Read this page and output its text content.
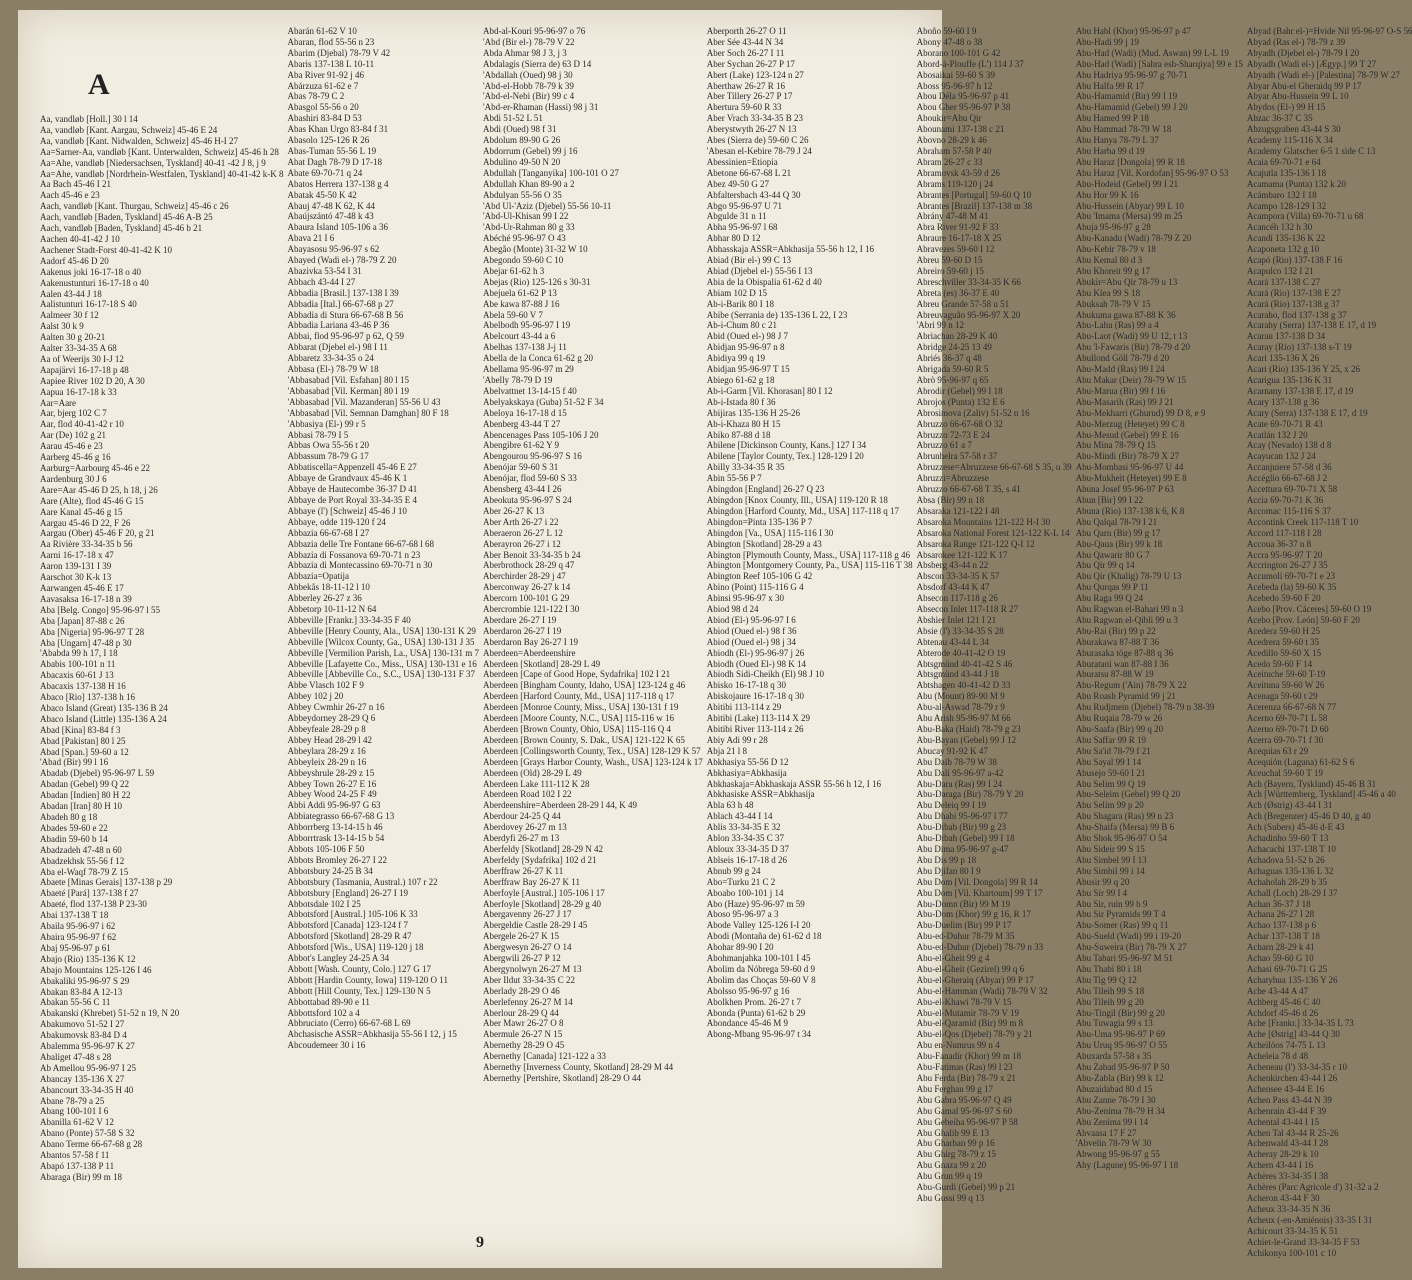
A
Aa, vandløb [Holl.] 30 l 14
Aa, vandløb [Kant. Aargau, Schweiz] 45-46 E 24
Aa, vandløb [Kant. Nidwalden, Schweiz] 45-46 H-I 27
Aa=Sarner-Aa, vandløb [Kant. Unterwalden, Schweiz] 45-46 h 28
Aa=Ahe, vandløb [Niedersachsen, Tyskland] 40-41 -42 J 8, j 9
Aa=Ahe, vandløb [Nordrhein-Westfalen, Tyskland] 40-41-42 k-K 8
Aa Bach 45-46 I 21
Aach 45-46 e 23
Aach, vandløb [Kant. Thurgau, Schweiz] 45-46 c 26
Aach, vandløb [Baden, Tyskland] 45-46 A-B 25
Aach, vandløb [Baden, Tyskland] 45-46 b 21
Aachen 40-41-42 J 10
Aachener Stadt-Forst 40-41-42 K 10
Aadorf 45-46 D 20
Aakenus joki 16-17-18 o 40
Aakenustunturi 16-17-18 o 40
Aalen 43-44 J 18
Aalistunturi 16-17-18 S 40
Aalmeer 30 f 12
Aalst 30 k 9
Aalten 30 g 20-21
Aalter 33-34-35 A 68
Aa of Weerijs 30 I-J 12
Aapajärvi 16-17-18 p 48
Aapiee River 102 D 20, A 30
Aapua 16-17-18 k 33
Aar=Aare
Aar, bjerg 102 C 7
Aar, flod 40-41-42 r 10
Aar (De) 102 g 21
Aarau 45-46 e 23
Aarberg 45-46 g 16
Aarburg=Aarbourg 45-46 e 22
Aardenburg 30 J 6
Aare=Aar 45-46 D 25, h 18, j 26
Aare (Alte), flod 45-46 G 15
Aare Kanal 45-46 g 15
Aargau 45-46 D 22, F 26
Aargau (Ober) 45-46 F 20, g 21
Aa Rivière 33-34-35 b 56
Aarni 16-17-18 x 47
Aaron 139-131 I 39
Aarschot 30 K-k 13
Aarwangen 45-46 E 17
Aavasaksa 16-17-18 n 39
Aba [Belg. Congo] 95-96-97 l 55
Aba [Japan] 87-88 c 26
Aba [Nigeria] 95-96-97 T 28
Aba [Ungarn] 47-48 p 30
'Ababda 99 h 17, I 18
Ababis 100-101 n 11
Abacaxis 60-61 J 13
Abacaxis 137-138 H 16
Abaco [Rio] 137-138 h 16
Abaco Island (Great) 135-136 B 24
Abaco Island (Little) 135-136 A 24
Abad [Kina] 83-84 f 3
Abad [Pakistan] 80 l 25
Abad [Span.] 59-60 a 12
'Abad (Bir) 99 l 16
Abadab (Djebel) 95-96-97 L 59
Abadan (Gebel) 99 Q 22
Abadan [Indien] 80 H 22
Abadan [Iran] 80 H 10
Abadeh 80 g 18
Abades 59-60 e 22
Abadin 59-60 b 14
Abadzadeh 47-48 n 60
Abadzekhsk 55-56 f 12
Aba el-Waqf 78-79 Z 15
Abaete [Minas Gerais] 137-138 p 29
Abaeté [Pará] 137-138 f 27
Abaeté, flod 137-138 P 23-30
Abai 137-138 T 18
Abaila 95-96-97 i 62
Abaira 95-96-97 f 62
Abaj 95-96-97 p 61
Abajo (Rio) 135-136 K 12
Abajo Mountains 125-126 I 46
Abakaliki 95-96-97 S 29
Abakan 83-84 A 12-13
Abakan 55-56 C 11
Abakanski (Khrebet) 51-52 n 19, N 20
Abakumovo 51-52 I 27
Abakumovsk 83-84 D 4
Abalemma 95-96-97 K 27
Abaliget 47-48 s 28
Ab Amellou 95-96-97 I 25
Abancay 135-136 X 27
Abancourt 33-34-35 H 40
Abane 78-79 a 25
Abang 100-101 I 6
Abanilla 61-62 V 12
Abano (Ponte) 57-58 S 32
Abano Terme 66-67-68 g 28
Abantos 57-58 f 11
Abapó 137-138 P 11
Abaraga (Bir) 99 m 18
Abarán 61-62 V 10
Abaran, flod 55-56 n 23
Abarim (Djebal) 78-79 V 42
Abaris 137-138 L 10-11
Aba River 91-92 j 46
Abárzuza 61-62 e 7
Abas 78-79 C 2
Abasgol 55-56 o 20
Abashiri 83-84 D 53
Abas Khan Urgo 83-84 f 31
Abasolo 125-126 R 26
Abas-Tuman 55-56 L 19
Abat Dagh 78-79 D 17-18
Abate 69-70-71 q 24
Abatos Herrera 137-138 g 4
Abatak 45-50 K 42
Abauj 47-48 K 62, K 44
Abaújszántó 47-48 k 43
Abaura Island 105-106 a 36
Abava 21 I 6
Abayasosu 95-96-97 s 62
Abayed (Wadi el-) 78-79 Z 20
Abazivka 53-54 I 31
Abbach 43-44 I 27
Abbadia [Brasil.] 137-138 I 39
Abbadia [Ital.] 66-67-68 p 27
Abbadia di Stura 66-67-68 B 56
Abbadia Lariana 43-46 P 36
Abbai, flod 95-96-97 p 62, Q 59
Abbarat (Djebel el-) 98 I 11
Abbaretz 33-34-35 o 24
Abbasa (El-) 78-79 W 18
'Abbasabad [Vil. Esfahan] 80 l 15
'Abbasabad [Vil. Kerman] 80 l 19
'Abbasabad [Vil. Mazanderan] 55-56 U 43
'Abbasabad [Vil. Semnan Damghan] 80 F 18
'Abbasiya (El-) 99 r 5
Abbasi 78-79 I 5
Abbas Owa 55-56 t 20
Abbassum 78-79 G 17
Abbatiscella=Appenzell 45-46 E 27
Abbaye de Grandvaux 45-46 K 1
Abbaye de Hautecombe 36-37 D 41
Abbaye de Port Royal 33-34-35 E 4
Abbaye (l') [Schweiz] 45-46 J 10
Abbaye, odde 119-120 f 24
Abbazia 66-67-68 I 27
Abbazia delle Tre Fontane 66-67-68 l 68
Abbazia di Fossanova 69-70-71 n 23
Abbazia di Montecassino 69-70-71 n 30
Abbazia=Opatija
Abbekås 18-11-12 l 10
Abberley 26-27 z 36
Abbetorp 10-11-12 N 64
Abbeville [Frankr.] 33-34-35 F 40
Abbeville [Henry County, Ala., USA] 130-131 K 29
Abbeville [Wilcox County, Ga., USA] 130-131 J 35
Abbeville [Vermilion Parish, La., USA] 130-131 m 7
Abbeville [Lafayette Co., Miss., USA] 130-131 e 16
Abbeville [Abbeville Co., S.C., USA] 130-131 F 37
Abbe Vlasch 102 F 9
Abbey 102 j 20
Abbey Cwmhir 26-27 n 16
Abbeydorney 28-29 Q 6
Abbeyfeale 28-29 p 8
Abbey Head 28-29 l 42
Abbeylara 28-29 z 16
Abbeyleix 28-29 n 16
Abbeyshrule 28-29 z 15
Abbey Town 26-27 E 16
Abbey Wood 24-25 F 49
Abbi Addi 95-96-97 G 63
Abbiategrasso 66-67-68 G 13
Abborrberg 13-14-15 h 46
Abborrtrask 13-14-15 b 54
Abbots 105-106 F 50
Abbots Bromley 26-27 I 22
Abbotsbury 24-25 B 34
Abbotsbury (Tasmania, Austral.) 107 r 22
Abbotsbury [England] 26-27 I 19
Abbotsdale 102 I 25
Abbotsford [Austral.] 105-106 K 33
Abbotsford [Canada] 123-124 f 7
Abbotsford [Skotland] 28-29 R 47
Abbotsford [Wis., USA] 119-120 j 18
Abbot's Langley 24-25 A 34
Abbott [Wash. County, Colo.] 127 G 17
Abbott [Hardin County, Iowa] 119-120 O 11
Abbott [Hill County, Tex.] 129-130 N 5
Abbottabad 89-90 e 11
Abbottsford 102 a 4
Abbruciato (Cerro) 66-67-68 L 69
Abchasische ASSR=Abkhasija 55-56 I 12, j 15
Abcoudemeer 30 i 16
Abd-al-Kouri 95-96-97 o 76
'Abd (Bir el-) 78-79 V 22
Abda Ahmar 98 J 3, j 3
Abdalagis (Sierra de) 63 D 14
'Abdallah (Oued) 98 j 30
'Abd-el-Hobb 78-79 k 39
'Abd-el-Nebi (Bir) 99 c 4
'Abd-er-Rhaman (Hassi) 98 j 31
Abdi 51-52 L 51
Abdi (Oued) 98 f 31
Abdolum 89-90 G 26
Abdorrum (Gebel) 99 j 16
Abdulino 49-50 N 20
Abdullah [Tanganyika] 100-101 O 27
Abdullah Khan 89-90 a 2
Abdulyan 55-56 O 35
'Abd Ul-'Aziz (Djebel) 55-56 10-11
'Abd-Ul-Khisan 99 I 22
'Abd-Ur-Rahman 80 g 33
Abéché 95-96-97 O 43
Abegão (Monte) 31-32 W 10
Abegondo 59-60 C 10
Abejar 61-62 h 3
Abejas (Rio) 125-126 s 30-31
Abejuela 61-62 P 13
Abe kawa 87-88 J 16
Abela 59-60 V 7
Abelbodh 95-96-97 I 19
Abelcourt 43-44 a 6
Abelhas 137-138 J-j 11
Abella de la Conca 61-62 g 20
Abellama 95-96-97 m 29
'Abelly 78-79 D 19
Abelvattnet 13-14-15 f 40
Abelyakskaya (Guba) 51-52 F 34
Abeloya 16-17-18 d 15
Abenberg 43-44 T 27
Abencenages Pass 105-106 J 20
Abengibre 61-62 Y 9
Abengourou 95-96-97 S 16
Abenójar 59-60 S 31
Abenójar, flod 59-60 S 33
Abensberg 43-44 I 26
Abeokuta 95-96-97 S 24
Aber 26-27 K 13
Aber Arth 26-27 i 22
Aberaeron 26-27 L 12
Aberayron 26-27 i 12
Aber Benoit 33-34-35 b 24
Aberbrothock 28-29 q 47
Aberchirder 28-29 j 47
Aberconway 26-27 k 14
Abercorn 100-101 G 29
Abercrombie 121-122 I 30
Aberdare 26-27 I 19
Aberdaron 26-27 I 19
Aberdaron Bay 26-27 I 19
Aberdeen=Aberdeenshire
Aberdeen [Skotland] 28-29 L 49
Aberdeen [Cape of Good Hope, Sydafrika] 102 I 21
Aberdeen [Bingham County, Idaho, USA] 123-124 g 46
Aberdeen [Harford County, Md., USA] 117-118 q 17
Aberdeen [Monroe County, Miss., USA] 130-131 f 19
Aberdeen [Moore County, N.C., USA] 115-116 w 16
Aberdeen [Brown County, Ohio, USA] 115-116 Q 4
Aberdeen [Brown County, S. Dak., USA] 121-122 K 65
Aberdeen [Collingsworth County, Tex., USA] 128-129 K 57
Aberdeen [Grays Harbor County, Wash., USA] 123-124 k 17
Aberdeen (Old) 28-29 L 49
Aberdeen Lake 111-112 K 28
Aberdeen Road 102 I 22
Aberdeenshire=Aberdeen 28-29 l 44, K 49
Aberdour 24-25 Q 44
Aberdovey 26-27 m 13
Aberdyfi 26-27 m 13
Aberfeldy [Skotland] 28-29 N 42
Aberfeldy [Sydafrika] 102 d 21
Aberffraw 26-27 K 11
Aberffraw Bay 26-27 K 11
Aberfoyle [Austral.] 105-106 l 17
Aberfoyle [Skotland] 28-29 g 40
Abergavenny 26-27 J 17
Abergeldie Castle 28-29 I 45
Abergele 26-27 K 15
Abergwesyn 26-27 O 14
Abergwili 26-27 P 12
Abergynolwyn 26-27 M 13
Aber Ildut 33-34-35 C 22
Aberlady 28-29 O 46
Aberlefenny 26-27 M 14
Aberlour 28-29 Q 44
Aber Mawr 26-27 O 8
Abermule 26-27 N 15
Abernethy 28-29 O 45
Abernethy [Canada] 121-122 a 33
Abernethy [Inverness County, Skotland] 28-29 M 44
Abernethy [Pertshire, Skotland] 28-29 O 44
Aberporth 26-27 O 11
Aber Sée 43-44 N 34
Aber Soch 26-27 I 11
Aber Sychan 26-27 P 17
Abert (Lake) 123-124 n 27
Aberthaw 26-27 R 16
Aber Tillery 26-27 P 17
Abertura 59-60 R 33
Aber Vrach 33-34-35 B 23
Aberystwyth 26-27 N 13
Abes (Sierra de) 59-60 C 26
'Abesan el-Kebire 78-79 J 24
Abessinien=Etiopia
Abetone 66-67-68 L 21
Abez 49-50 G 27
Abfaltersbach 43-44 Q 30
Abgo 95-96-97 U 71
Abgulde 31 n 11
Abha 95-96-97 l 68
Abhar 80 D 12
Abhasskaja ASSR=Abkhasija 55-56 h 12, I 16
Abiad (Bir el-) 99 C 13
Abiad (Djebel el-) 55-56 I 13
Abia de la Obispalia 61-62 d 40
Abiam 102 D 15
Ab-i-Barik 80 I 18
Abibe (Serrania de) 135-136 L 22, I 23
Ab-i-Chum 80 c 21
Abid (Oued el-) 98 J 7
Abidjan 95-96-97 n 8
Abidiya 99 q 19
Abidjan 95-96-97 T 15
Abiego 61-62 g 18
Ab-i-Garm [Vil. Khorasan] 80 I 12
Ab-i-Istada 80 f 36
Abijiras 135-136 H 25-26
Ab-i-Khaza 80 H 15
Abiko 87-88 d 18
Abilene [Dickinson County, Kans.] 127 I 34
Abilene [Taylor County, Tex.] 128-129 I 20
Abilly 33-34-35 R 35
Abin 55-56 P 7
Abingdon [England] 26-27 Q 23
Abingdon [Knox County, Ill., USA] 119-120 R 18
Abingdon [Harford County, Md., USA] 117-118 q 17
Abingdon=Pinta 135-136 P 7
Abingdon [Va., USA] 115-116 I 30
Abington [Skotland] 28-29 a 43
Abington [Plymouth County, Mass., USA] 117-118 g 46
Abington [Montgomery County, Pa., USA] 115-116 T 38
Abington Reef 105-106 G 42
Abino (Point) 115-116 G 4
Abinsi 95-96-97 x 30
Abiod 98 d 24
Abiod (El-) 95-96-97 I 6
Abiod (Oued el-) 98 f 36
Abiod (Oued el-) 98 j 34
Abiodh (El-) 95-96-97 j 26
Abiodh (Oued El-) 98 K 14
Abiodh Sidi-Cheikh (El) 98 J 10
Abisko 16-17-18 q 30
Abiskojaure 16-17-18 q 30
Abitibi 113-114 z 29
Abitibi (Lake) 113-114 X 29
Abitibi River 113-114 z 26
Abiy Adi 99 r 28
Abja 21 l 8
Abkhasiya 55-56 D 12
Abkhasiya=Abkhasija
Abkhaskaja=Abkhaskaja ASSR 55-56 h 12, I 16
Abkhasiske ASSR=Abkhasija
Abla 63 h 48
Ablach 43-44 I 14
Ablis 33-34-35 E 32
Ablon 33-34-35 C 37
Abloux 33-34-35 D 37
Ablseis 16-17-18 d 26
Abnub 99 g 24
Abo=Turku 21 C 2
Aboabo 100-101 j 14
Abo (Haze) 95-96-97 m 59
Aboso 95-96-97 a 3
Abode Valley 125-126 I-I 20
Abodi (Montaña de) 61-62 d 18
Abohar 89-90 I 20
Abohmanjahka 100-101 I 45
Abolim da Nóbrega 59-60 d 9
Abolim das Choças 59-60 V 8
Abolsso 95-96-97 g 16
Abolkhen Prom. 26-27 t 7
Abonda (Punta) 61-62 b 29
Abondance 45-46 M 9
Abong-Mbang 95-96-97 t 34
Aboño 59-60 I 9
Abony 47-48 o 38
Aborano 100-101 G 42
Abord-à-Plouffe (L') 114 J 37
Abosaikai 59-60 S 39
Aboss 95-96-97 h 12
Abou Déla 95-96-97 p 41
Abou Gher 95-96-97 P 38
Aboukir=Abu Qir
Abounami 137-138 c 21
Abovno 28-29 k 46
Abraham 57-58 P 40
Abram 26-27 c 33
Abramovsk 43-59 d 26
Abrams 119-120 j 24
Abrantes [Portugal] 59-60 Q 10
Abrantes [Brazil] 137-138 m 38
Abrány 47-48 M 41
Abra River 91-92 F 33
Abraure 16-17-18 X 25
Abravezes 59-60 I 12
Abreu 59-60 D 15
Abreiro 59-60 j 15
Abreschviller 33-34-35 K 66
Abreta (es) 36-37 E 40
Abreu Grande 57-58 u 51
Abreuvaguão 95-96-97 X 20
'Abri 99 n 12
Abriachan 28-29 K 40
Abridge 24-25 13 49
Abriés 36-37 q 48
Abrigada 59-60 R 5
Abrò 95-96-97 q 65
Abrodir (Gebel) 99 I 18
Abrojos (Punta) 132 E 6
Abrosimova (Zaliv) 51-52 n 16
Abruzzo 66-67-68 O 32
Abruzzo 72-73 E 24
Abruzzo 61 a 7
Abrunhelra 57-58 r 37
Abruzzese=Abruzzese 66-67-68 S 35, u 39
Abruzzi=Abruzzese
Abruzzo 66-67-68 T 35, s 41
Absa (Bir) 99 n 18
Absaraka 121-122 I 48
Absaroka Mountains 121-122 H-I 30
Absaroka National Forest 121-122 K-L 14
Absaroka Range 121-122 Q-I 12
Absarokee 121-122 K 17
Absberg 43-44 n 22
Abscon 33-34-35 K 57
Absdorf 43-44 K 47
Absecon 117-118 g 26
Absecon Inlet 117-118 R 27
Abshier Inlet 121 I 21
Absie (l') 33-34-35 S 28
Abtenau 43-44 L 34
Abterode 40-41-42 O 19
Abtsgmünd 40-41-42 S 46
Abtsgmünd 43-44 J 18
Abtshagen 40-41-42 D 33
Abu (Mount) 89-90 M 9
Abu-al-Aswad 78-79 r 9
Abu Arish 95-96-97 M 66
Abu-Baka (Haid) 78-79 g 23
Abu-Bayan (Gebel) 99 J 12
Abucay 91-92 K 47
Abu Daib 78-79 W 38
Abu Dali 95-96-97 a-42
Abu-Dara (Ras) 99 I 24
Abu-Daraga (Bir) 78-79 Y 20
Abu Deleiq 99 I 19
Abu Dhabi 95-96-97 l 77
Abu-Dibab (Bir) 99 g 23
Abu-Dibah (Gebel) 99 I 18
Abu Dima 95-96-97 g-47
Abu Dis 99 p 18
Abu Djifan 80 I 9
Abu Dom [Vil. Dongola] 99 R 14
Abu Dom [Vil. Khartoum] 99 T 17
Abu-Domn (Bir) 99 M 19
Abu-Dom (Khor) 99 g 16, R 17
Abu-Duelim (Bir) 99 P 17
Abu-ed-Duhur 78-79 M 35
Abu-ed-Duhur (Djebel) 78-79 n 33
Abu-el-Gheit 99 g 4
Abu-el-Gheit (Gezirel) 99 q 6
Abu-el-Gheraiq (Abyar) 99 P 17
Abu-el-Hamman (Wadi) 78-79 V 32
Abu-el-Khawi 78-79 V 15
Abu-el-Mutamir 78-79 V 19
Abu-el-Qaramid (Bir) 99 m 8
Abu-el-Qos (Djebel) 78-79 y 21
Abu en-Numrus 99 n 4
Abu-Fanadir (Khor) 99 m 18
Abu-Fatimas (Ras) 99 l 23
Abu Ferda (Bir) 78-79 x 21
Abu Ferghan 99 g 17
Abu Gabra 95-96-97 Q 49
Abu Gamal 95-96-97 S 60
Abu Gebeiha 95-96-97 P 58
Abu Ghalib 99 E 13
Abu Gharban 99 p 16
Abu Ghirg 78-79 z 15
Abu Gnaza 99 z 20
Abu Grun 99 q 19
Abu-Gurdi (Gebel) 99 p 21
Abu Gussi 99 q 13
Abu Habl (Khor) 95-96-97 p 47
Abu-Hadi 99 j 19
Abu-Had (Wadi) (Mud. Aswan) 99 L-L 19
Abu-Had (Wadi) [Sahra esh-Sharqiya] 99 e 15
Abu Hadriya 95-96-97 g 70-71
Abu Halfa 99 R 17
Abu-Hamamid (Bir) 99 I 19
Abu-Hamamid (Gebel) 99 J 20
Abu Hamed 99 P 18
Abu Hammad 78-79 W 18
Abu Hanya 78-79 L 37
Abu Harba 99 d 19
Abu Haraz [Dongola] 99 R 18
Abu Haraz [Vil. Kordofan] 95-96-97 O 53
Abu-Hodeid (Gebel) 99 I 21
Abu Hor 99 K 16
Abu-Hussein (Abyar) 99 L 10
Abu 'Imama (Mersa) 99 m 25
Abuja 95-96-97 g 28
Abu-Kanadu (Wadi) 78-79 Z 20
Abu-Kebir 78-79 v 18
Abu Kemal 80 d 3
Abu Khoreit 99 g 17
Abukir=Abu Qir 78-79 u 13
Abu Klea 99 S 18
Abuksah 78-79 V 15
Abukuma gawa 87-88 K 36
Abu-Lahu (Ras) 99 a 4
Abu-Laot (Wadi) 99 U 12, t 13
Abu 'l-Fawaris (Bir) 78-79 d 20
Abullond Göll 78-79 d 20
Abu-Madd (Ras) 99 I 24
Abu Makar (Deir) 78-79 W 15
Abu-Marua (Bir) 99 f 16
Abu-Masarih (Ras) 99 J 21
Abu-Mekharri (Ghurud) 99 D 8, e 9
Abu-Merzug (Heteyet) 99 C 8
Abu-Mesud (Gebel) 99 E 16
Abu Mina 78-79 Q 15
Abu-Mindi (Bir) 78-79 X 27
Abu-Mombasi 95-96-97 U 44
Abu-Mukheit (Heteyet) 99 E 8
Abuna Josef 95-96-97 P 63
Abun [Bir] 99 I 22
Abuna (Rio) 137-138 k 6, K 8
Abu Qalqal 78-79 I 21
Abu Qarn (Bir) 99 g 17
Abu-Qaua (Bir) 99 k 18
Abu Qawarir 80 G 7
Abu Qir 99 q 14
Abu Qir (Khalig) 78-79 U 13
Abu Qurqas 99 P 11
Abu Raga 99 Q 24
Abu Ragwan el-Bahari 99 n 3
Abu Ragwan el-Qibli 99 u 3
Abu-Rai (Bir) 99 p 22
Aburakawa 87-88 T 36
Aburasaka töge 87-88 q 36
Aburatani wan 87-88 I 36
Aburatsu 87-88 W 19
Abu-Regum ('Ain) 78-79 X 22
Abu Roash Pyramid 99 j 21
Abu Rudjmein (Djebel) 78-79 n 38-39
Abu Ruqaia 78-79 w 26
Abu-Saafa (Bir) 99 q 20
Abu Saffar 99 R 19
Abu Sa'id 78-79 f 21
Abu Sayal 99 I 14
Abusejo 59-60 I 21
Abu Selim 99 Q 19
Abu-Seleim (Gebel) 99 Q 20
Abu Selim 99 p 20
Abu Shagara (Ras) 99 n 23
Abu-Shaifa (Mersa) 99 B 6
Abu Shok 95-96-97 O 54
Abu Sideir 99 S 15
Abu Simbel 99 I 13
Abu Simbil 99 i 14
Abusir 99 q 20
Abu Sir 99 I 4
Abu Sir, ruin 99 b 9
Abu Sir Pyramids 99 T 4
Abu-Somer (Ras) 99 q 11
Abu-Sueld (Wadi) 99 i 19-20
Abu-Suweira (Bir) 78-79 X 27
Abu Tabari 95-96-97 M 51
Abu Thabi 80 i 18
Abu Tig 99 Q 12
Abu Tileih 99 S 18
Abu Tileih 99 g 20
Abu-Tingil (Bir) 99 g 20
Abu Tuwagia 99 s 13
Abu-Uma 95-96-97 P 69
Abu Uruq 95-96-97 O 55
Abuxarda 57-58 s 35
Abu Zabad 95-96-97 P 50
Abu-Zabla (Bir) 99 k 12
Abuzaidabad 80 d 15
Abu Zanne 78-79 I 30
Abu-Zenima 78-79 H 34
Abu Zenima 99 l 14
Abvaasa 17 F 27
'Abvelin 78-79 W 30
Abwong 95-96-97 g 55
Aby (Lagune) 95-96-97 I 18
Abyad (Bahr el-)=Hvide Nil 95-96-97 O-S 56
Abyad (Ras el-) 78-79 z 39
Abyadh (Djebel el-) 78-79 I 20
Abyadh (Wadi el-) [Ægyp.] 99 T 27
Abyadh (Wadi el-) [Palestina] 78-79 W 27
Abyar Abu-el Gheraidq 99 P 17
Abyar Abu-Hussein 99 L 10
Abydos (El-) 99 H 15
Abzac 36-37 C 35
Abzugsgraben 43-44 S 30
Academy 115-116 X 34
Academy Glatscher 6-5 1 side C 13
Acaia 69-70-71 e 64
Acajutla 135-136 I 18
Acamama (Punta) 132 k 20
Acámbaro 132 I 18
Acampo 128-129 I 32
Acampora (Villa) 69-70-71 u 68
Acancéh 132 h 30
Acandí 135-136 K 22
Acaponeta 132 g 10
Acapó (Rio) 137-138 F 16
Acapulco 132 I 21
Acará 137-138 C 27
Acará (Rio) 137-138 E 27
Acará (Rio) 137-138 g 37
Acaraho, flod 137-138 g 37
Acarahy (Serra) 137-138 E 17, d 19
Acarau 137-138 D 34
Acaray (Rio) 137-138 s-T 19
Acari 135-136 X 26
Acari (Rio) 135-136 Y 25, x 26
Acarigua 135-136 K 31
Acarnany 137-138 E 17, d 19
Acary 137-138 g 36
Acary (Serra) 137-138 E 17, d 19
Acate 69-70-71 R 43
Acatlán 132 J 20
Acay (Nevado) 138 d 8
Acayucan 132 J 24
Accanjuiere 57-58 d 36
Accéglio 66-67-68 J 2
Accettura 69-70-71 X 58
Accia 69-70-71 K 36
Accomac 115-116 S 37
Accontink Creek 117-118 T 10
Accord 117-118 I 28
Accoua 36-37 n 8
Accra 95-96-97 T 20
Accrington 26-27 J 35
Accumoli 69-70-71 e 23
Acebeda (la) 59-60 K 35
Acebedo 59-60 F 20
Acebo [Prov. Cáceres] 59-60 O 19
Acebo [Prov. León] 59-60 F 20
Acedera 59-60 H 25
Acedrera 59-60 t 35
Acedillo 59-60 X 15
Acedo 59-60 F 14
Aceituche 59-60 T-19
Aceituna 59-60 W 26
Acenaga 59-60 t 29
Acerenza 66-67-68 N 77
Acerno 69-70-71 L 58
Acerno 69-70-71 D 60
Acerra 69-70-71 f 30
Acequias 63 r 29
Acequión (Laguna) 61-62 S 6
Aceuchal 59-60 T 19
Ach (Bayern, Tyskland) 45-46 B 31
Ach [Württemberg, Tyskland] 45-46 a 40
Ach (Østrig) 43-44 I 31
Ach (Bregenzer) 45-46 D 40, g 40
Ach (Subers) 45-46 d-E 43
Achadinho 59-60 T 13
Achacachi 137-138 T 10
Achadova 51-52 b 26
Achaguas 135-136 L 32
Achaholah 28-29 b 35
Achall (Loch) 28-29 I 37
Achan 36-37 J 18
Achana 26-27 I 28
Achao 137-138 p 6
Achar 137-138 T 18
Acharn 28-29 k 41
Achao 59-60 G 10
Achasi 69-70-71 G 25
Achatyhua 135-136 Y 26
Ache 43-44 A 47
Achberg 45-46 C 40
Achdorf 45-46 d 26
Ache [Frankr.] 33-34-35 L 73
Ache [Østrig] 43-44 Q 30
Acheilöos 74-75 L 13
Acheleia 78 d 48
Acheneau (l') 33-34-35 r 10
Achenkirchen 43-44 I 26
Achensee 43-44 E 16
Achen Pass 43-44 N 39
Achenrain 43-44 F 39
Achental 43-44 I 15
Achen Tal 43-44 R 25-26
Achenwald 43-44 J 28
Acheray 28-29 k 10
Achern 43-44 I 16
Achères 33-34-35 I 38
Achères (Parc Agricole d') 31-32 a 2
Acheron 43-44 F 30
Acheux 33-34-35 N 36
Acheux (-en-Amiénois) 33-35 I 31
Achicourt 33-34-35 K 51
Achiet-le-Grand 33-34-35 F 53
Achikonya 100-101 c 10
9
